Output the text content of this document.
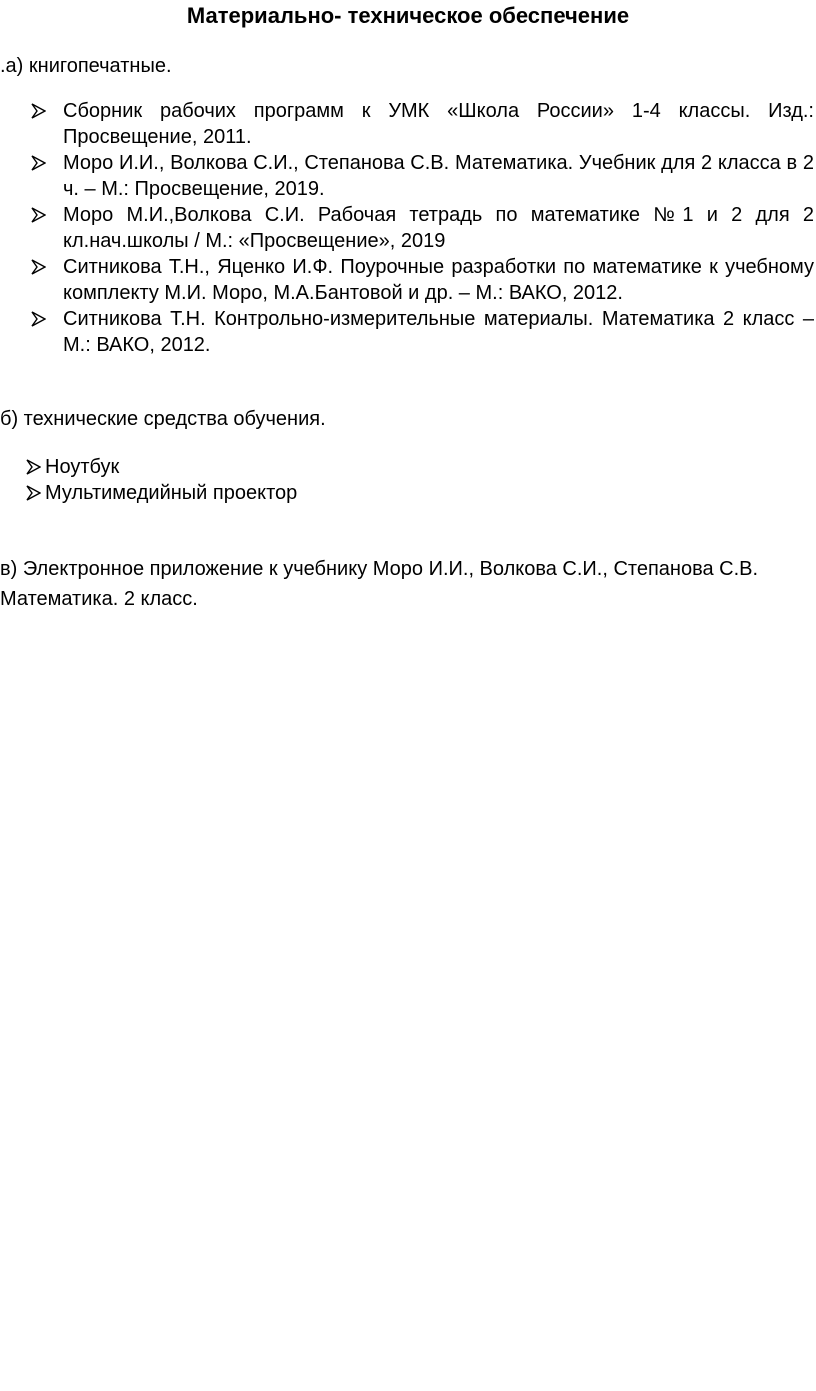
Материально- техническое обеспечение

.а) книгопечатные.

Сборник рабочих программ к УМК «Школа России» 1-4 классы. Изд.: Просвещение, 2011.
Моро И.И., Волкова С.И., Степанова С.В. Математика. Учебник для 2 класса в 2 ч. – М.: Просвещение, 2019.
Моро М.И.,Волкова С.И. Рабочая тетрадь по математике №1 и 2 для 2 кл.нач.школы / М.: «Просвещение», 2019
Ситникова Т.Н., Яценко И.Ф. Поурочные разработки по математике к учебному комплекту М.И. Моро, М.А.Бантовой и др. – М.: ВАКО, 2012.
Ситникова Т.Н. Контрольно-измерительные материалы. Математика 2 класс – М.: ВАКО, 2012.

б) технические средства обучения.

Ноутбук
Мультимедийный проектор

в) Электронное приложение к учебнику Моро И.И., Волкова С.И., Степанова С.В. Математика. 2 класс.
